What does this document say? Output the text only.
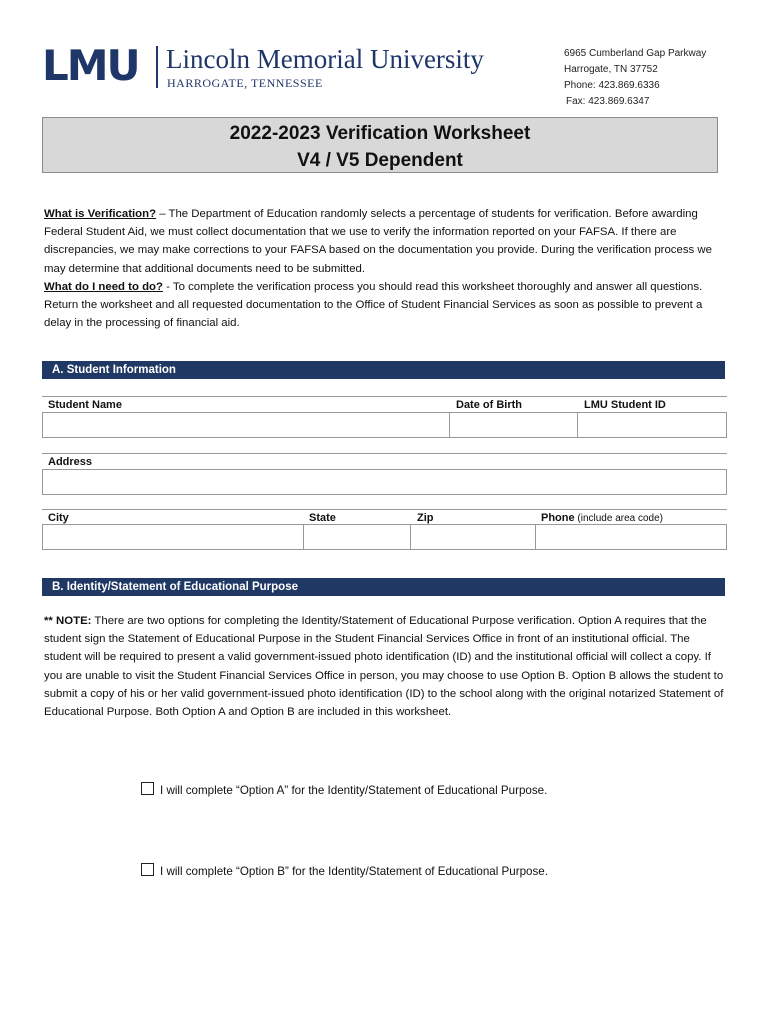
LMU Lincoln Memorial University
HARROGATE, TENNESSEE
6965 Cumberland Gap Parkway
Harrogate, TN 37752
Phone: 423.869.6336
Fax: 423.869.6347
2022-2023 Verification Worksheet
V4 / V5 Dependent
What is Verification? – The Department of Education randomly selects a percentage of students for verification. Before awarding Federal Student Aid, we must collect documentation that we use to verify the information reported on your FAFSA. If there are discrepancies, we may make corrections to your FAFSA based on the documentation you provide. During the verification process we may determine that additional documents need to be submitted.
What do I need to do? - To complete the verification process you should read this worksheet thoroughly and answer all questions. Return the worksheet and all requested documentation to the Office of Student Financial Services as soon as possible to prevent a delay in the processing of financial aid.
A. Student Information
Student Name	Date of Birth	LMU Student ID
Address
City	State	Zip	Phone (include area code)
B. Identity/Statement of Educational Purpose
** NOTE: There are two options for completing the Identity/Statement of Educational Purpose verification. Option A requires that the student sign the Statement of Educational Purpose in the Student Financial Services Office in front of an institutional official. The student will be required to present a valid government-issued photo identification (ID) and the institutional official will collect a copy. If you are unable to visit the Student Financial Services Office in person, you may choose to use Option B. Option B allows the student to submit a copy of his or her valid government-issued photo identification (ID) to the school along with the original notarized Statement of Educational Purpose. Both Option A and Option B are included in this worksheet.
I will complete “Option A” for the Identity/Statement of Educational Purpose.
I will complete “Option B” for the Identity/Statement of Educational Purpose.
